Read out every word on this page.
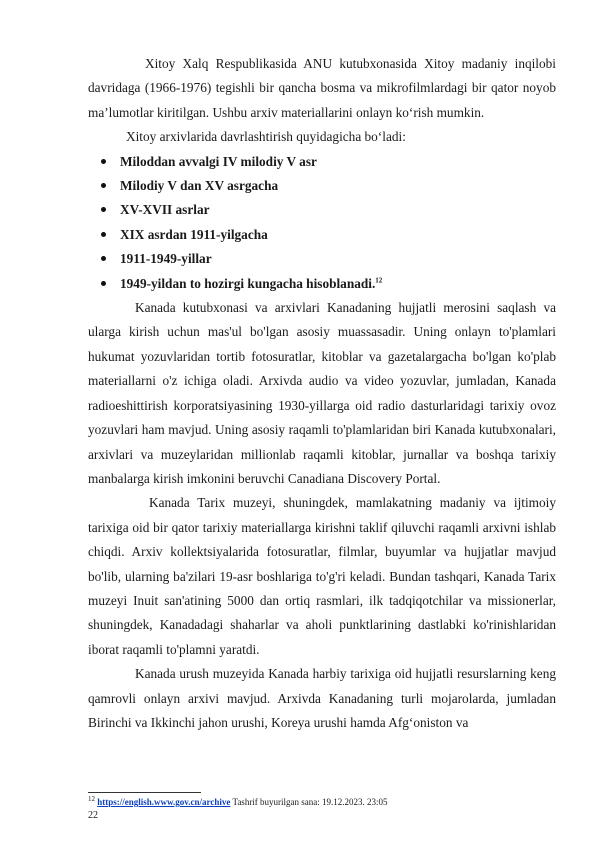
Xitoy Xalq Respublikasida ANU kutubxonasida Xitoy madaniy inqilobi davridaga (1966-1976) tegishli bir qancha bosma va mikrofilmlardagi bir qator noyob ma’lumotlar kiritilgan. Ushbu arxiv materiallarini onlayn koʻrish mumkin.

Xitoy arxivlarida davrlashtirish quyidagicha boʻladi:

Miloddan avvalgi IV milodiy V asr
Milodiy V dan XV asrgacha
XV-XVII asrlar
XIX asrdan 1911-yilgacha
1911-1949-yillar
1949-yildan to hozirgi kungacha hisoblanadi.$^{12}$

Kanada kutubxonasi va arxivlari Kanadaning hujjatli merosini saqlash va ularga kirish uchun mas'ul bo'lgan asosiy muassasadir. Uning onlayn to'plamlari hukumat yozuvlaridan tortib fotosuratlar, kitoblar va gazetalargacha bo'lgan ko'plab materiallarni o'z ichiga oladi. Arxivda audio va video yozuvlar, jumladan, Kanada radioeshittirish korporatsiyasining 1930-yillarga oid radio dasturlaridagi tarixiy ovoz yozuvlari ham mavjud. Uning asosiy raqamli to'plamlaridan biri Kanada kutubxonalari, arxivlari va muzeylaridan millionlab raqamli kitoblar, jurnallar va boshqa tarixiy manbalarga kirish imkonini beruvchi Canadiana Discovery Portal.

Kanada Tarix muzeyi, shuningdek, mamlakatning madaniy va ijtimoiy tarixiga oid bir qator tarixiy materiallarga kirishni taklif qiluvchi raqamli arxivni ishlab chiqdi. Arxiv kollektsiyalarida fotosuratlar, filmlar, buyumlar va hujjatlar mavjud bo'lib, ularning ba'zilari 19-asr boshlariga to'g'ri keladi. Bundan tashqari, Kanada Tarix muzeyi Inuit san'atining 5000 dan ortiq rasmlari, ilk tadqiqotchilar va missionerlar, shuningdek, Kanadadagi shaharlar va aholi punktlarining dastlabki ko'rinishlaridan iborat raqamli to'plamni yaratdi.

Kanada urush muzeyida Kanada harbiy tarixiga oid hujjatli resurslarning keng qamrovli onlayn arxivi mavjud. Arxivda Kanadaning turli mojarolarda, jumladan Birinchi va Ikkinchi jahon urushi, Koreya urushi hamda Afgʻoniston va

$^{12}$ https://english.www.gov.cn/archive Tashrif buyurilgan sana: 19.12.2023. 23:05
22
